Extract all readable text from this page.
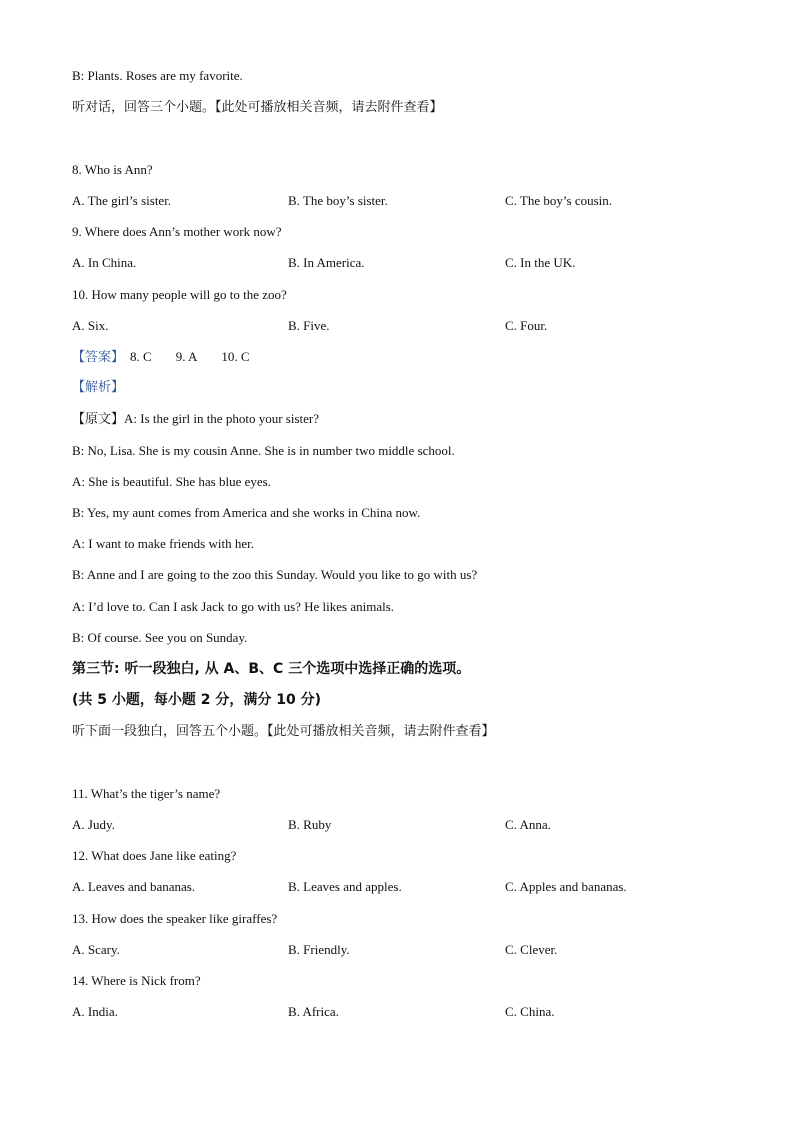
B: Plants. Roses are my favorite.
听对话，回答三个小题。【此处可播放相关音频，请去附件查看】
8. Who is Ann?
A. The girl’s sister.	B. The boy’s sister.	C. The boy’s cousin.
9. Where does Ann’s mother work now?
A. In China.	B. In America.	C. In the UK.
10. How many people will go to the zoo?
A. Six.	B. Five.	C. Four.
【答案】 8. C 9. A 10. C
【解析】
【原文】A: Is the girl in the photo your sister?
B: No, Lisa. She is my cousin Anne. She is in number two middle school.
A: She is beautiful. She has blue eyes.
B: Yes, my aunt comes from America and she works in China now.
A: I want to make friends with her.
B: Anne and I are going to the zoo this Sunday. Would you like to go with us?
A: I’d love to. Can I ask Jack to go with us? He likes animals.
B: Of course. See you on Sunday.
第三节: 听一段独白, 从 A、B、C 三个选项中选择正确的选项。
(共 5 小题，每小题 2 分，满分 10 分)
听下面一段独白，回答五个小题。【此处可播放相关音频，请去附件查看】
11. What’s the tiger’s name?
A. Judy.	B. Ruby	C. Anna.
12. What does Jane like eating?
A. Leaves and bananas.	B. Leaves and apples.	C. Apples and bananas.
13. How does the speaker like giraffes?
A. Scary.	B. Friendly.	C. Clever.
14. Where is Nick from?
A. India.	B. Africa.	C. China.
